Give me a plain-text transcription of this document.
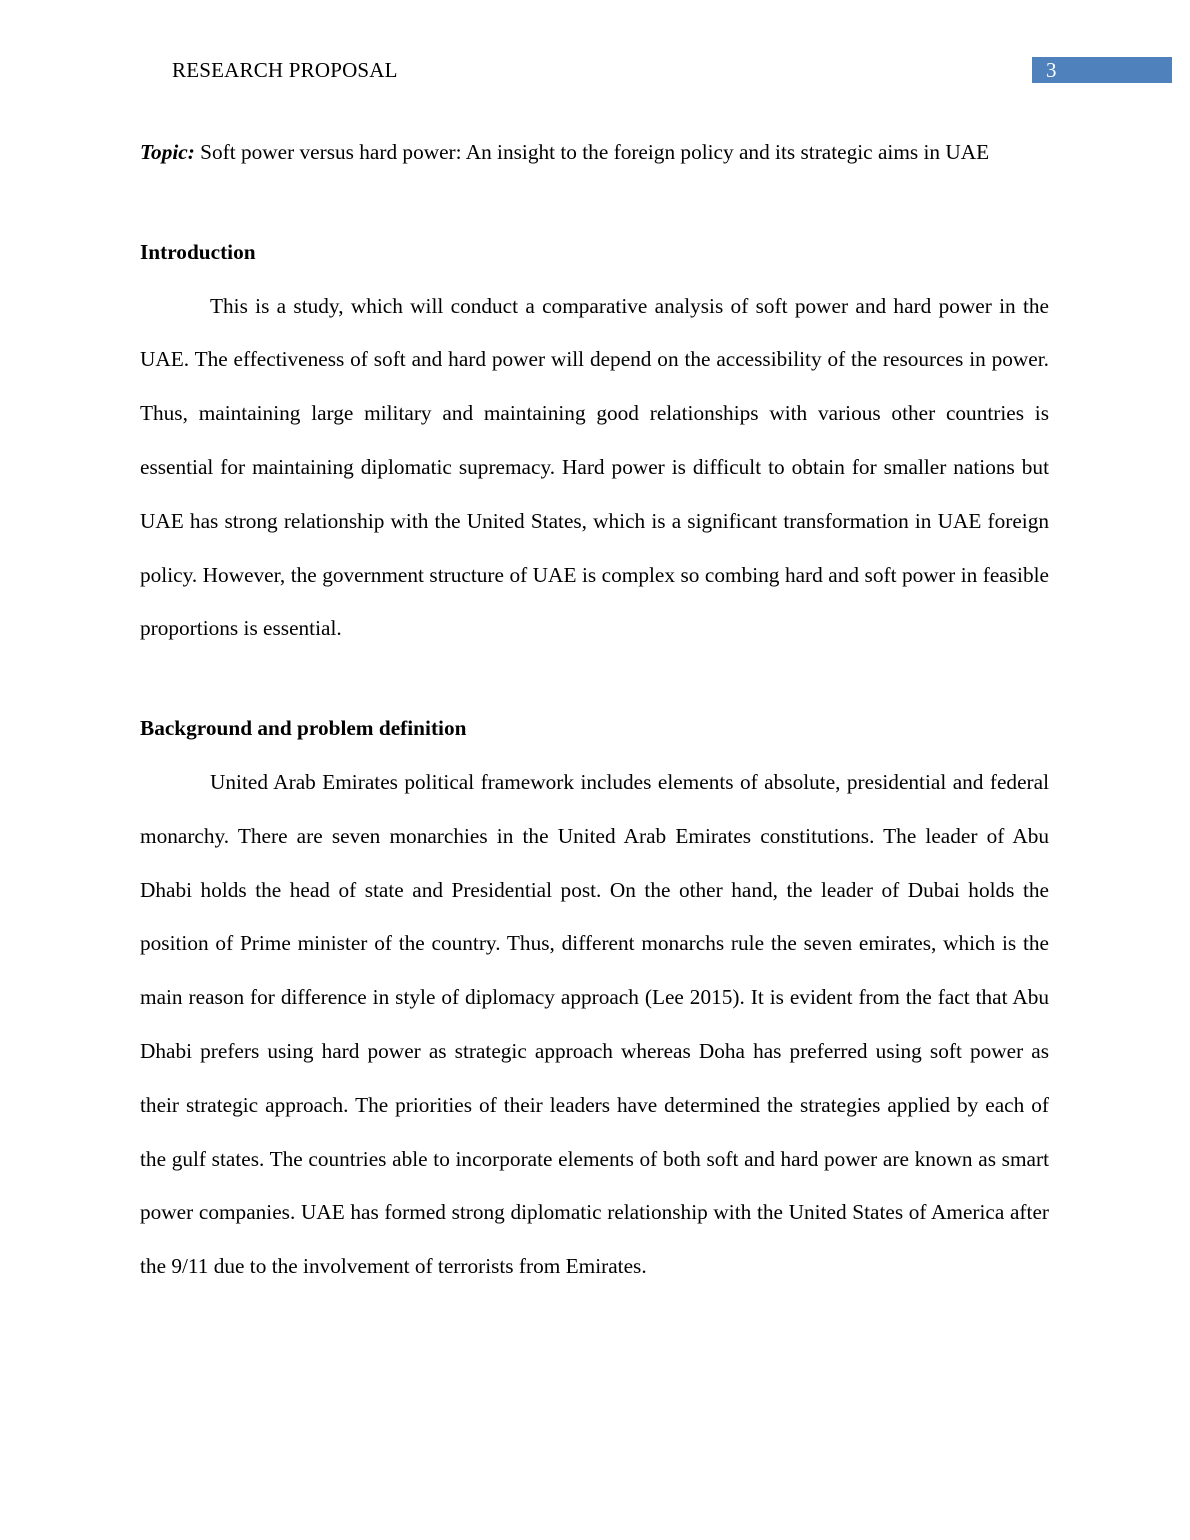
RESEARCH PROPOSAL	3

Topic: Soft power versus hard power: An insight to the foreign policy and its strategic aims in UAE

Introduction

This is a study, which will conduct a comparative analysis of soft power and hard power in the UAE. The effectiveness of soft and hard power will depend on the accessibility of the resources in power. Thus, maintaining large military and maintaining good relationships with various other countries is essential for maintaining diplomatic supremacy. Hard power is difficult to obtain for smaller nations but UAE has strong relationship with the United States, which is a significant transformation in UAE foreign policy. However, the government structure of UAE is complex so combing hard and soft power in feasible proportions is essential.

Background and problem definition

United Arab Emirates political framework includes elements of absolute, presidential and federal monarchy. There are seven monarchies in the United Arab Emirates constitutions. The leader of Abu Dhabi holds the head of state and Presidential post. On the other hand, the leader of Dubai holds the position of Prime minister of the country. Thus, different monarchs rule the seven emirates, which is the main reason for difference in style of diplomacy approach (Lee 2015). It is evident from the fact that Abu Dhabi prefers using hard power as strategic approach whereas Doha has preferred using soft power as their strategic approach. The priorities of their leaders have determined the strategies applied by each of the gulf states. The countries able to incorporate elements of both soft and hard power are known as smart power companies. UAE has formed strong diplomatic relationship with the United States of America after the 9/11 due to the involvement of terrorists from Emirates.
